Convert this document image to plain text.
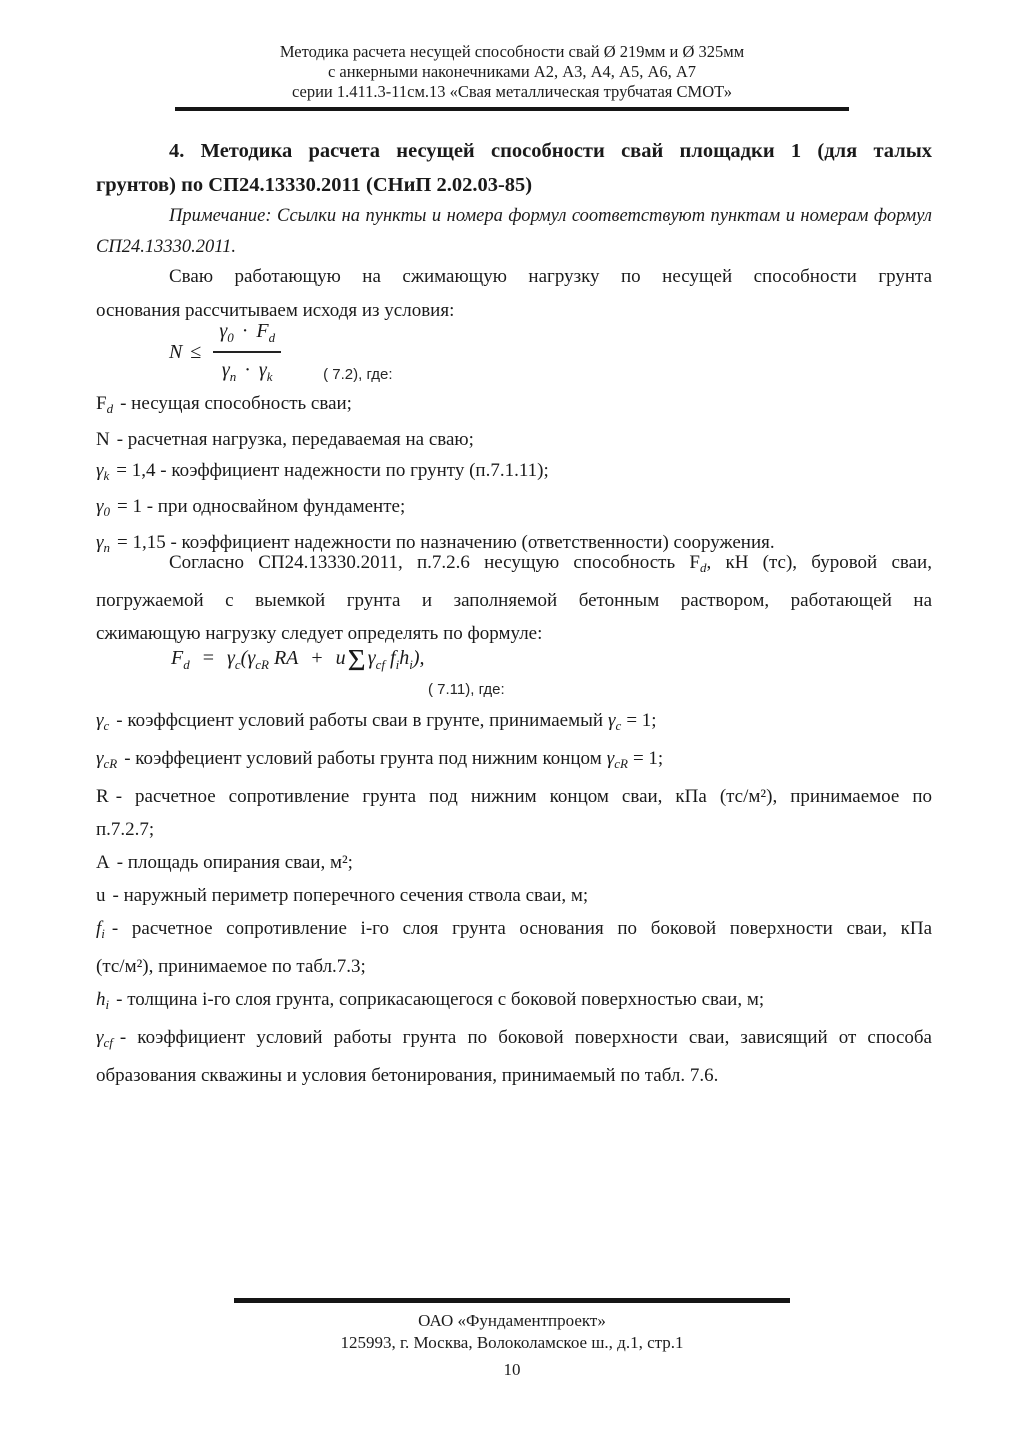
Методика расчета несущей способности свай Ø 219мм и Ø 325мм
с анкерными наконечниками А2, А3, А4, А5, А6, А7
серии 1.411.3-11см.13 «Свая металлическая трубчатая СМОТ»
4. Методика расчета несущей способности свай площадки 1 (для талых
грунтов) по СП24.13330.2011 (СНиП 2.02.03-85)
Примечание: Ссылки на пункты и номера формул соответствуют пунктам и номерам формул
СП24.13330.2011.
Сваю работающую на сжимающую нагрузку по несущей способности грунта
основания рассчитываем исходя из условия:
$N \le \frac{\gamma_0 \cdot F_d}{\gamma_n \cdot \gamma_k}$	( 7.2), где:
$F_d$ - несущая способность сваи;
N - расчетная нагрузка, передаваемая на сваю;
$\gamma_k = 1,4$ - коэффициент надежности по грунту (п.7.1.11);
$\gamma_0 = 1$ - при односвайном фундаменте;
$\gamma_n = 1,15$ - коэффициент надежности по назначению (ответственности) сооружения.
Согласно СП24.13330.2011, п.7.2.6 несущую способность $F_d$, кН (тс), буровой сваи,
погружаемой с выемкой грунта и заполняемой бетонным раствором, работающей на
сжимающую нагрузку следует определять по формуле:
$F_d = \gamma_c(\gamma_{cR}$ RA + uΣ $\gamma_{cf}$ $f_ih_i$),
( 7.11), где:
$\gamma_c$ - коэффсциент условий работы сваи в грунте, принимаемый $\gamma_c = 1$;
$\gamma_{cR}$ - коэффециент условий работы грунта под нижним концом $\gamma_{cR} = 1$;
R - расчетное сопротивление грунта под нижним концом сваи, кПа (тс/м²), принимаемое по
п.7.2.7;
A - площадь опирания сваи, м²;
u - наружный периметр поперечного сечения ствола сваи, м;
$f_i$ - расчетное сопротивление i-го слоя грунта основания по боковой поверхности сваи, кПа
(тс/м²), принимаемое по табл.7.3;
$h_i$ - толщина i-го слоя грунта, соприкасающегося с боковой поверхностью сваи, м;
$\gamma_{cf}$ - коэффициент условий работы грунта по боковой поверхности сваи, зависящий от способа
образования скважины и условия бетонирования, принимаемый по табл. 7.6.
ОАО «Фундаментпроект»
125993, г. Москва, Волоколамское ш., д.1, стр.1
10
